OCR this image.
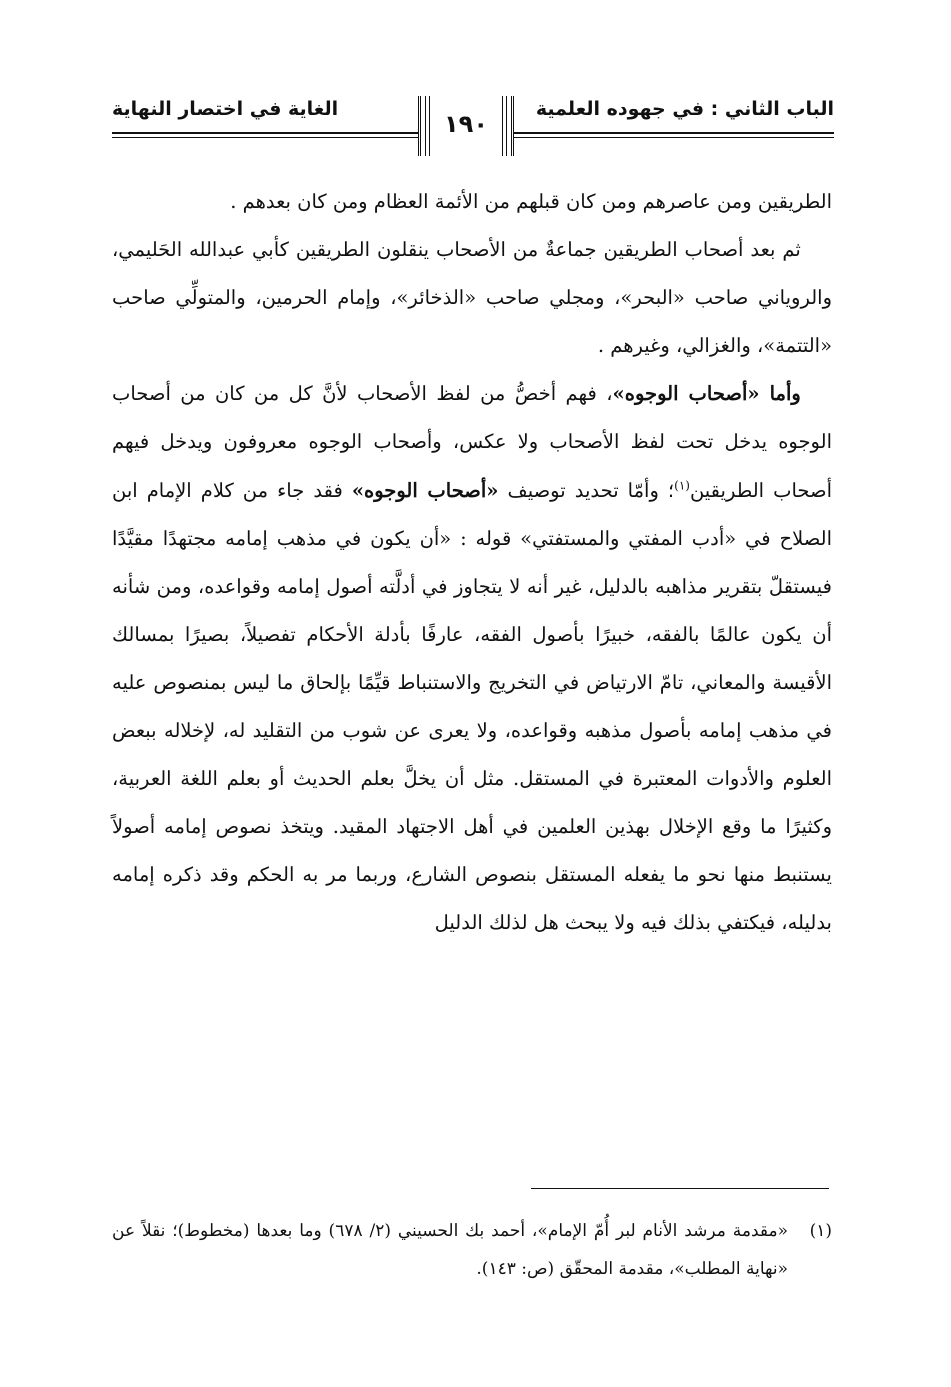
الباب الثاني : في جهوده العلمية
الغاية في اختصار النهاية
١٩٠

الطريقين ومن عاصرهم ومن كان قبلهم من الأئمة العظام ومن كان بعدهم .

ثم بعد أصحاب الطريقين جماعةٌ من الأصحاب ينقلون الطريقين كأبي عبدالله الحَليمي، والروياني صاحب «البحر»، ومجلي صاحب «الذخائر»، وإمام الحرمين، والمتولِّي صاحب «التتمة»، والغزالي، وغيرهم .

وأما «أصحاب الوجوه»، فهم أخصُّ من لفظ الأصحاب لأنَّ كل من كان من أصحاب الوجوه يدخل تحت لفظ الأصحاب ولا عكس، وأصحاب الوجوه معروفون ويدخل فيهم أصحاب الطريقين$^{(١)}$؛ وأمّا تحديد توصيف «أصحاب الوجوه» فقد جاء من كلام الإمام ابن الصلاح في «أدب المفتي والمستفتي» قوله : «أن يكون في مذهب إمامه مجتهدًا مقيَّدًا فيستقلّ بتقرير مذاهبه بالدليل، غير أنه لا يتجاوز في أدلَّته أصول إمامه وقواعده، ومن شأنه أن يكون عالمًا بالفقه، خبيرًا بأصول الفقه، عارفًا بأدلة الأحكام تفصيلاً، بصيرًا بمسالك الأقيسة والمعاني، تامّ الارتياض في التخريج والاستنباط قيِّمًا بإلحاق ما ليس بمنصوص عليه في مذهب إمامه بأصول مذهبه وقواعده، ولا يعرى عن شوب من التقليد له، لإخلاله ببعض العلوم والأدوات المعتبرة في المستقل. مثل أن يخلَّ بعلم الحديث أو بعلم اللغة العربية، وكثيرًا ما وقع الإخلال بهذين العلمين في أهل الاجتهاد المقيد. ويتخذ نصوص إمامه أصولاً يستنبط منها نحو ما يفعله المستقل بنصوص الشارع، وربما مر به الحكم وقد ذكره إمامه بدليله، فيكتفي بذلك فيه ولا يبحث هل لذلك الدليل

(١)
«مقدمة مرشد الأنام لبر أُمّ الإمام»، أحمد بك الحسيني (٢/ ٦٧٨) وما بعدها (مخطوط)؛ نقلاً عن «نهاية المطلب»، مقدمة المحقّق (ص: ١٤٣).
